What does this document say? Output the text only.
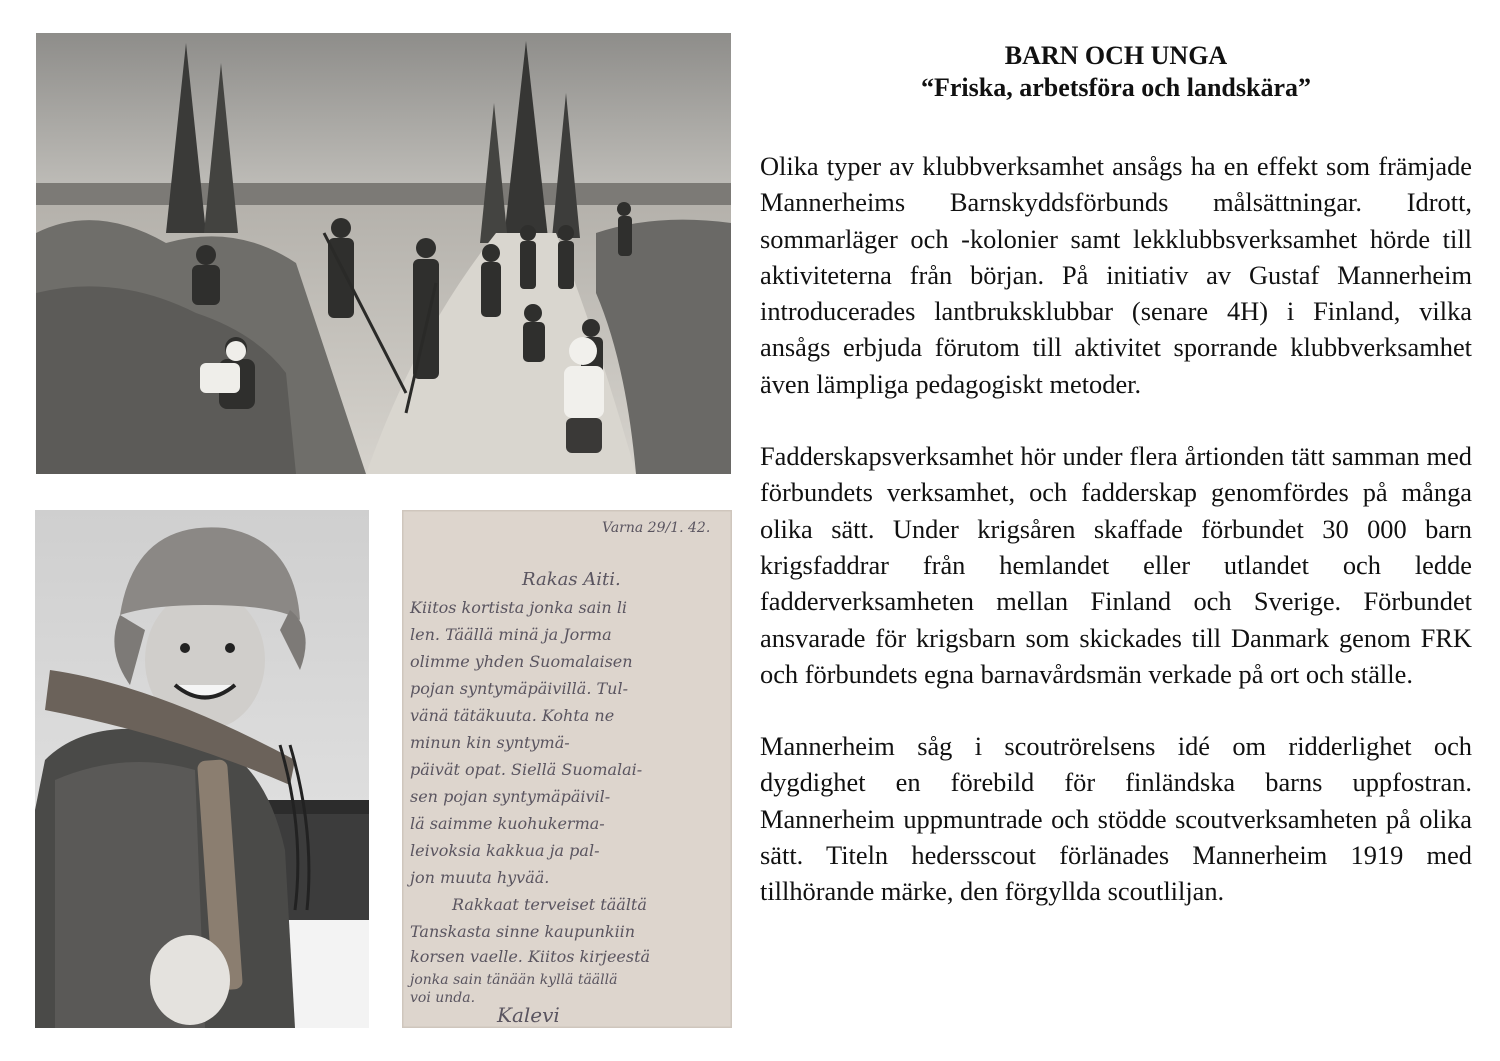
Varna 29/1. 42.
Rakas Aiti.
Kiitos kortista jonka sain li
len. Täällä minä ja Jorma
olimme yhden Suomalaisen
pojan syntymäpäivillä. Tul-
vänä tätäkuuta. Kohta ne
minun kin syntymä-
päivät opat. Siellä Suomalai-
sen pojan syntymäpäivil-
lä saimme kuohukerma-
leivoksia kakkua ja pal-
jon muuta hyvää.
Rakkaat terveiset täältä
Tanskasta sinne kaupunkiin
korsen vaelle. Kiitos kirjeestä
jonka sain tänään kyllä täällä
voi unda.
Kalevi
BARN OCH UNGA
“Friska, arbetsföra och landskära”

Olika typer av klubbverksamhet ansågs ha en effekt som främjade Mannerheims Barnskyddsförbunds målsättningar. Idrott, sommarläger och -kolonier samt lekklubbsverksamhet hörde till aktiviteterna från början. På initiativ av Gustaf Mannerheim introducerades lantbruksklubbar (senare 4H) i Finland, vilka ansågs erbjuda förutom till aktivitet sporrande klubbverksamhet även lämpliga pedagogiskt metoder.

Fadderskapsverksamhet hör under flera årtionden tätt samman med förbundets verksamhet, och fadderskap genomfördes på många olika sätt. Under krigsåren skaffade förbundet 30 000 barn krigsfaddrar från hemlandet eller utlandet och ledde fadderverksamheten mellan Finland och Sverige. Förbundet ansvarade för krigsbarn som skickades till Danmark genom FRK och förbundets egna barnavårdsmän verkade på ort och ställe.

Mannerheim såg i scoutrörelsens idé om ridderlighet och dygdighet en förebild för finländska barns uppfostran. Mannerheim uppmuntrade och stödde scoutverksamheten på olika sätt. Titeln hedersscout förlänades Mannerheim 1919 med tillhörande märke, den förgyllda scoutliljan.
